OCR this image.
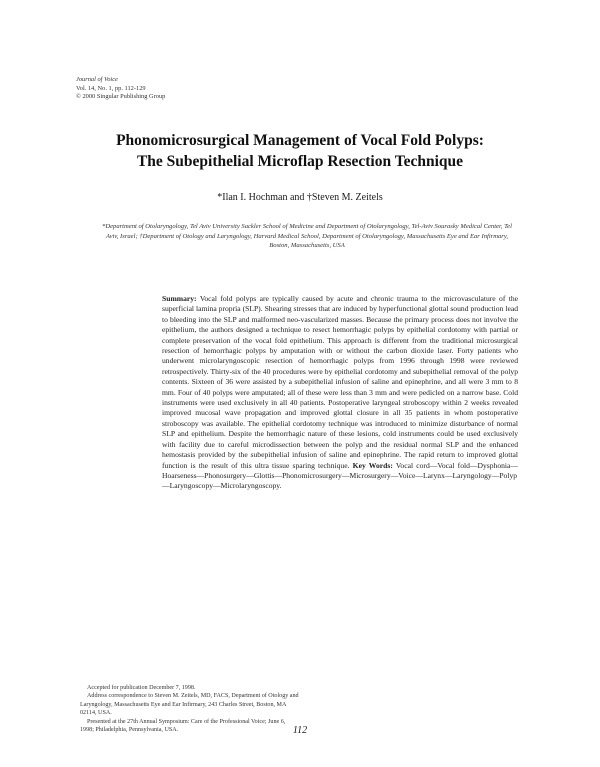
Journal of Voice
Vol. 14, No. 1, pp. 112-129
© 2000 Singular Publishing Group
Phonomicrosurgical Management of Vocal Fold Polyps:
The Subepithelial Microflap Resection Technique
*Ilan I. Hochman and †Steven M. Zeitels
*Department of Otolaryngology, Tel Aviv University Sackler School of Medicine and Department of Otolaryngology, Tel-Aviv Sourasky Medical Center, Tel Aviv, Israel; †Department of Otology and Laryngology, Harvard Medical School, Department of Otolaryngology, Massachusetts Eye and Ear Infirmary, Boston, Massachusetts, USA
Summary: Vocal fold polyps are typically caused by acute and chronic trauma to the microvasculature of the superficial lamina propria (SLP). Shearing stresses that are induced by hyperfunctional glottal sound production lead to bleeding into the SLP and malformed neo-vascularized masses. Because the primary process does not involve the epithelium, the authors designed a technique to resect hemorrhagic polyps by epithelial cordotomy with partial or complete preservation of the vocal fold epithelium. This approach is different from the traditional microsurgical resection of hemorrhagic polyps by amputation with or without the carbon dioxide laser. Forty patients who underwent microlaryngoscopic resection of hemorrhagic polyps from 1996 through 1998 were reviewed retrospectively. Thirty-six of the 40 procedures were by epithelial cordotomy and subepithelial removal of the polyp contents. Sixteen of 36 were assisted by a subepithelial infusion of saline and epinephrine, and all were 3 mm to 8 mm. Four of 40 polyps were amputated; all of these were less than 3 mm and were pedicled on a narrow base. Cold instruments were used exclusively in all 40 patients. Postoperative laryngeal stroboscopy within 2 weeks revealed improved mucosal wave propagation and improved glottal closure in all 35 patients in whom postoperative stroboscopy was available. The epithelial cordotomy technique was introduced to minimize disturbance of normal SLP and epithelium. Despite the hemorrhagic nature of these lesions, cold instruments could be used exclusively with facility due to careful microdissection between the polyp and the residual normal SLP and the enhanced hemostasis provided by the subepithelial infusion of saline and epinephrine. The rapid return to improved glottal function is the result of this ultra tissue sparing technique. Key Words: Vocal cord—Vocal fold—Dysphonia—Hoarseness—Phonosurgery—Glottis—Phonomicrosurgery—Microsurgery—Voice—Larynx—Laryngology—Polyp—Laryngoscopy—Microlaryngoscopy.

Accepted for publication December 7, 1998.

Address correspondence to Steven M. Zeitels, MD, FACS, Department of Otology and Laryngology, Massachusetts Eye and Ear Infirmary, 243 Charles Street, Boston, MA 02114, USA.

Presented at the 27th Annual Symposium: Care of the Professional Voice; June 6, 1998; Philadelphia, Pennsylvania, USA.	112
